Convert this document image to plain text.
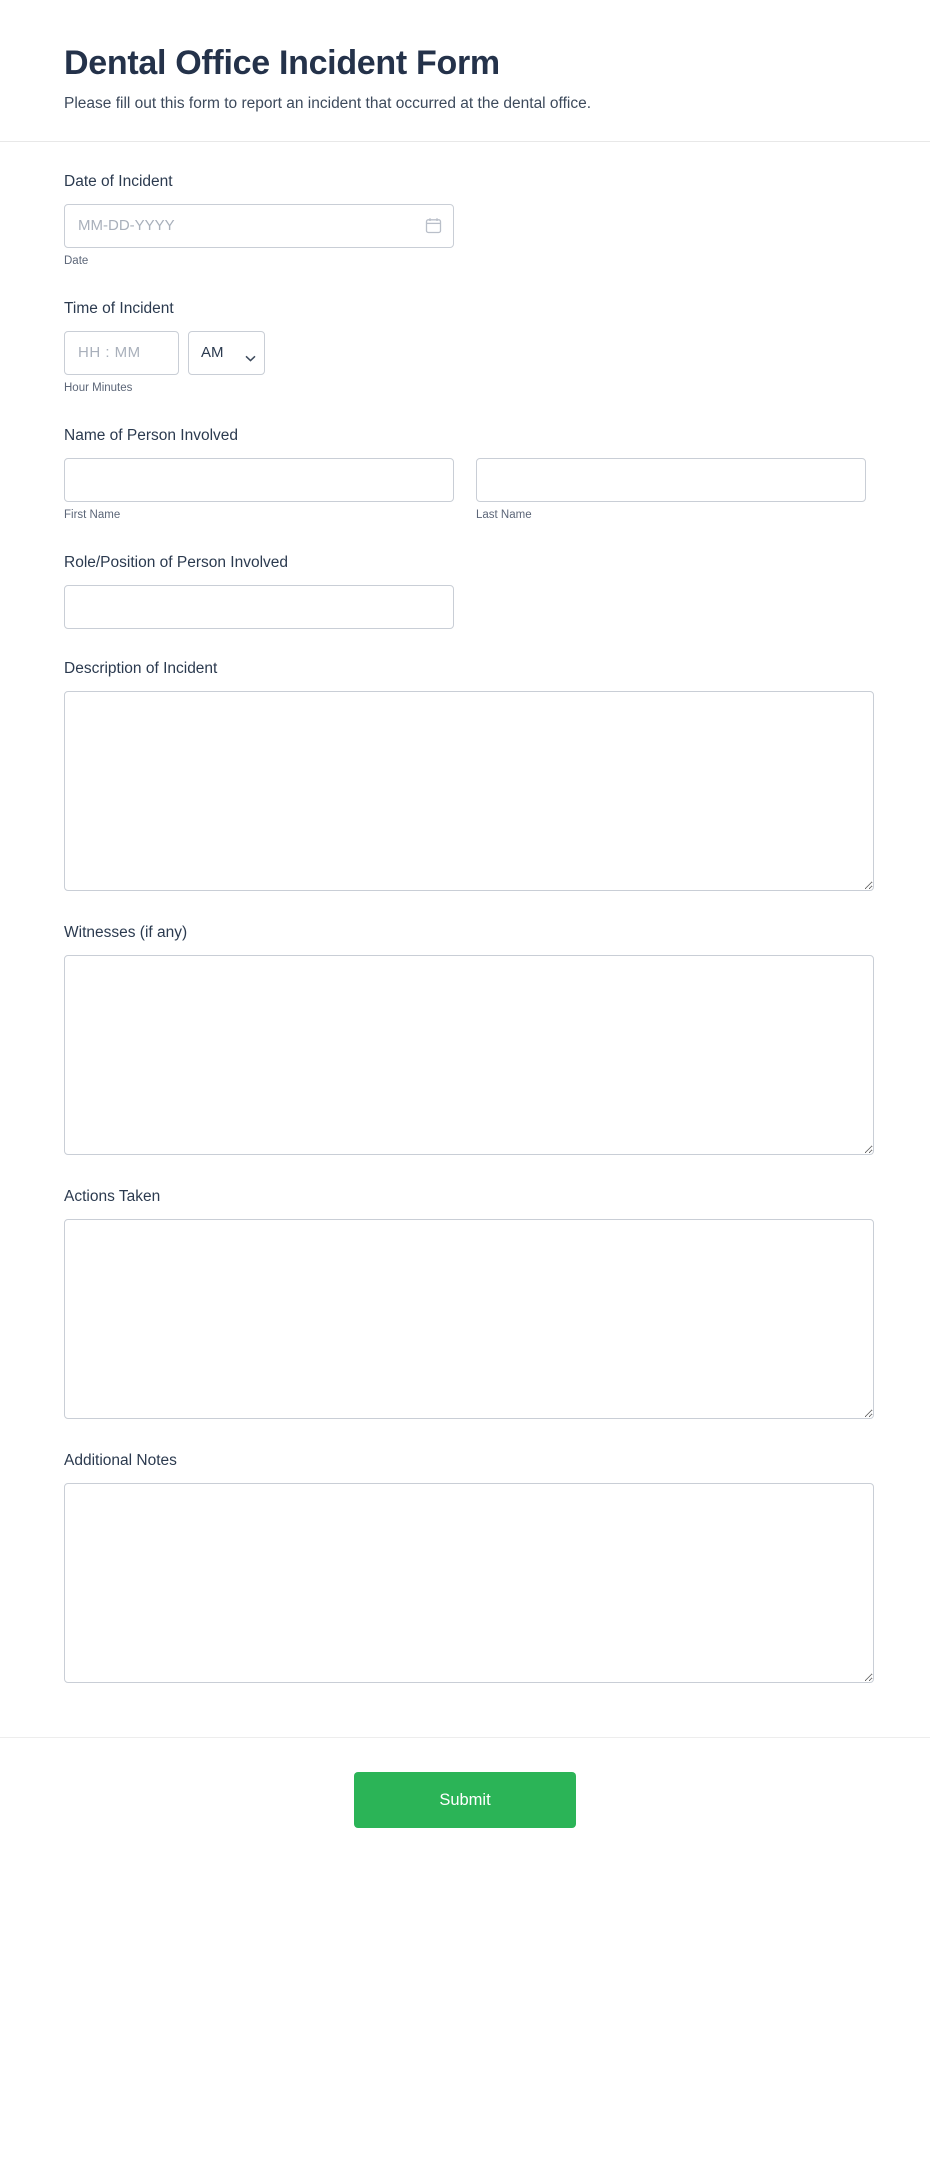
Dental Office Incident Form

Please fill out this form to report an incident that occurred at the dental office.

Date of Incident
MM-DD-YYYY
Date
Time of Incident
HH : MM
AM
Hour Minutes
Name of Person Involved
First Name	Last Name
Role/Position of Person Involved
Description of Incident
Witnesses (if any)
Actions Taken
Additional Notes
Submit
